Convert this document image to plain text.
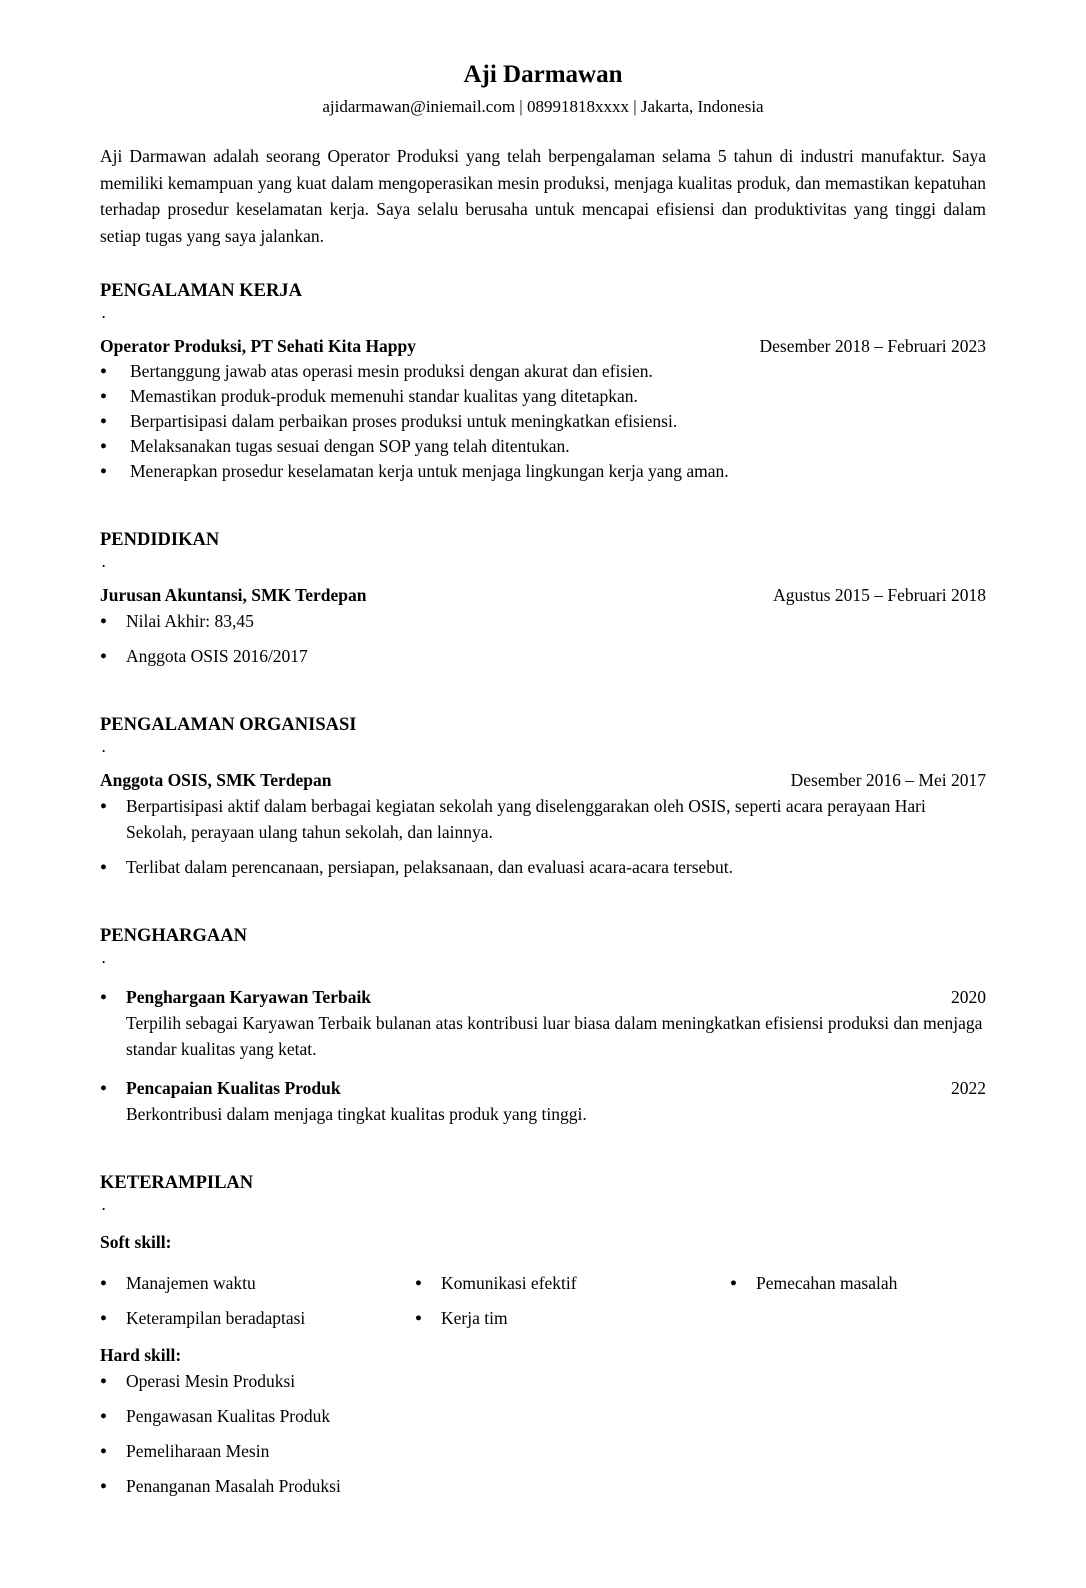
Aji Darmawan

ajidarmawan@iniemail.com | 08991818xxxx | Jakarta, Indonesia

Aji Darmawan adalah seorang Operator Produksi yang telah berpengalaman selama 5 tahun di industri manufaktur. Saya memiliki kemampuan yang kuat dalam mengoperasikan mesin produksi, menjaga kualitas produk, dan memastikan kepatuhan terhadap prosedur keselamatan kerja. Saya selalu berusaha untuk mencapai efisiensi dan produktivitas yang tinggi dalam setiap tugas yang saya jalankan.

PENGALAMAN KERJA
.
Operator Produksi, PT Sehati Kita Happy	Desember 2018 – Februari 2023
●	Bertanggung jawab atas operasi mesin produksi dengan akurat dan efisien.
●	Memastikan produk-produk memenuhi standar kualitas yang ditetapkan.
●	Berpartisipasi dalam perbaikan proses produksi untuk meningkatkan efisiensi.
●	Melaksanakan tugas sesuai dengan SOP yang telah ditentukan.
●	Menerapkan prosedur keselamatan kerja untuk menjaga lingkungan kerja yang aman.
PENDIDIKAN
.
Jurusan Akuntansi, SMK Terdepan	Agustus 2015 – Februari 2018
●	Nilai Akhir: 83,45
●	Anggota OSIS 2016/2017
PENGALAMAN ORGANISASI
.
Anggota OSIS, SMK Terdepan	Desember 2016 – Mei 2017
●	Berpartisipasi aktif dalam berbagai kegiatan sekolah yang diselenggarakan oleh OSIS, seperti acara perayaan Hari Sekolah, perayaan ulang tahun sekolah, dan lainnya.
●	Terlibat dalam perencanaan, persiapan, pelaksanaan, dan evaluasi acara-acara tersebut.
PENGHARGAAN
.
●	Penghargaan Karyawan Terbaik	2020

Terpilih sebagai Karyawan Terbaik bulanan atas kontribusi luar biasa dalam meningkatkan efisiensi produksi dan menjaga standar kualitas yang ketat.

●	Pencapaian Kualitas Produk	2022

Berkontribusi dalam menjaga tingkat kualitas produk yang tinggi.

KETERAMPILAN
.
Soft skill:
●	Manajemen waktu	●	Komunikasi efektif	●	Pemecahan masalah
●	Keterampilan beradaptasi	●	Kerja tim
Hard skill:
●	Operasi Mesin Produksi
●	Pengawasan Kualitas Produk
●	Pemeliharaan Mesin
●	Penanganan Masalah Produksi
